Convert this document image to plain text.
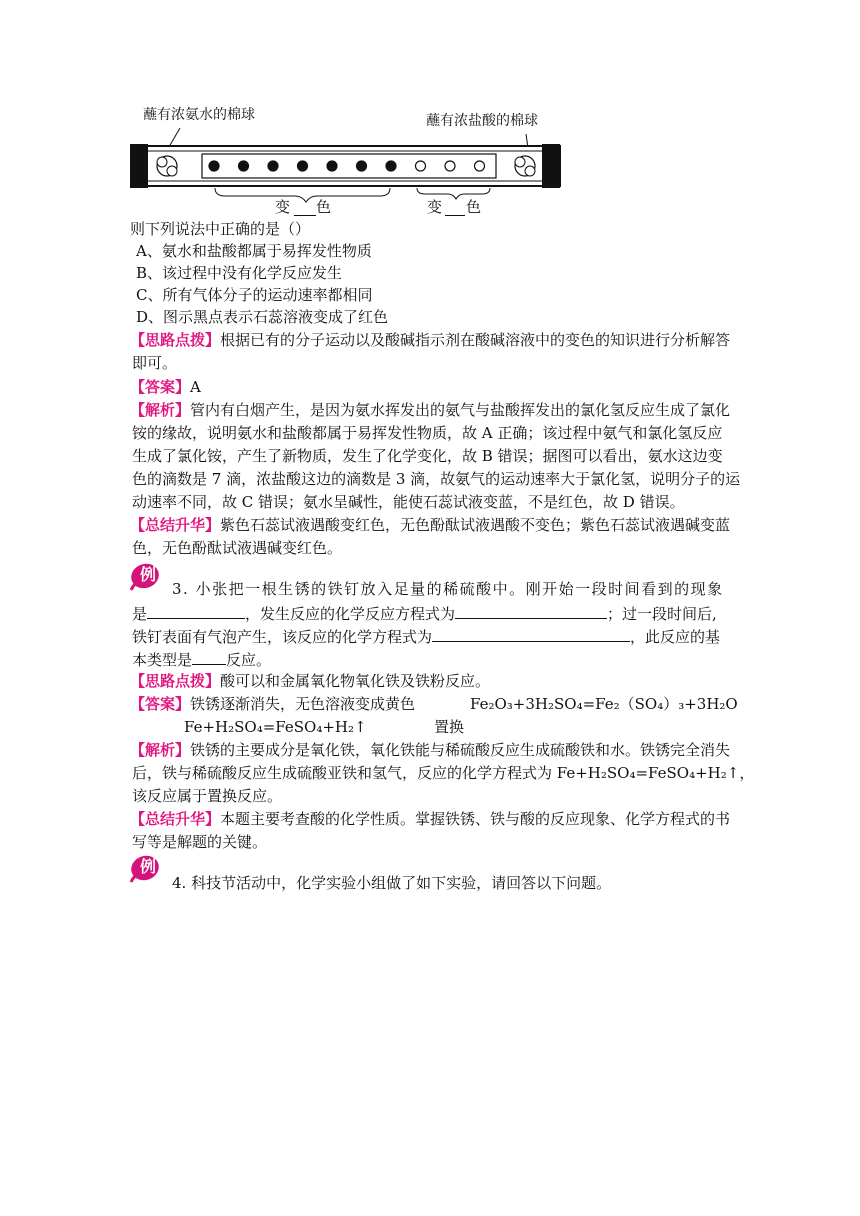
蘸有浓氨水的棉球	蘸有浓盐酸的棉球
变 色	变 色
则下列说法中正确的是（）
A、氨水和盐酸都属于易挥发性物质
B、该过程中没有化学反应发生
C、所有气体分子的运动速率都相同
D、图示黑点表示石蕊溶液变成了红色
【思路点拨】根据已有的分子运动以及酸碱指示剂在酸碱溶液中的变色的知识进行分析解答
即可。
【答案】A
【解析】管内有白烟产生，是因为氨水挥发出的氨气与盐酸挥发出的氯化氢反应生成了氯化
铵的缘故，说明氨水和盐酸都属于易挥发性物质，故 A 正确；该过程中氨气和氯化氢反应
生成了氯化铵，产生了新物质，发生了化学变化，故 B 错误；据图可以看出，氨水这边变
色的滴数是 7 滴，浓盐酸这边的滴数是 3 滴，故氨气的运动速率大于氯化氢，说明分子的运
动速率不同，故 C 错误；氨水呈碱性，能使石蕊试液变蓝，不是红色，故 D 错误。
【总结升华】紫色石蕊试液遇酸变红色，无色酚酞试液遇酸不变色；紫色石蕊试液遇碱变蓝
色，无色酚酞试液遇碱变红色。
例
3. 小张把一根生锈的铁钉放入足量的稀硫酸中。刚开始一段时间看到的现象
是	，发生反应的化学反应方程式为	；过一段时间后,
铁钉表面有气泡产生，该反应的化学方程式为	，此反应的基
本类型是 反应。
【思路点拨】酸可以和金属氧化物氧化铁及铁粉反应。
【答案】铁锈逐渐消失，无色溶液变成黄色	Fe₂O₃+3H₂SO₄=Fe₂（SO₄）₃+3H₂O
Fe+H₂SO₄=FeSO₄+H₂↑	置换
【解析】铁锈的主要成分是氧化铁，氧化铁能与稀硫酸反应生成硫酸铁和水。铁锈完全消失
后，铁与稀硫酸反应生成硫酸亚铁和氢气，反应的化学方程式为 Fe+H₂SO₄=FeSO₄+H₂↑，
该反应属于置换反应。
【总结升华】本题主要考查酸的化学性质。掌握铁锈、铁与酸的反应现象、化学方程式的书
写等是解题的关键。
例
4. 科技节活动中，化学实验小组做了如下实验，请回答以下问题。
